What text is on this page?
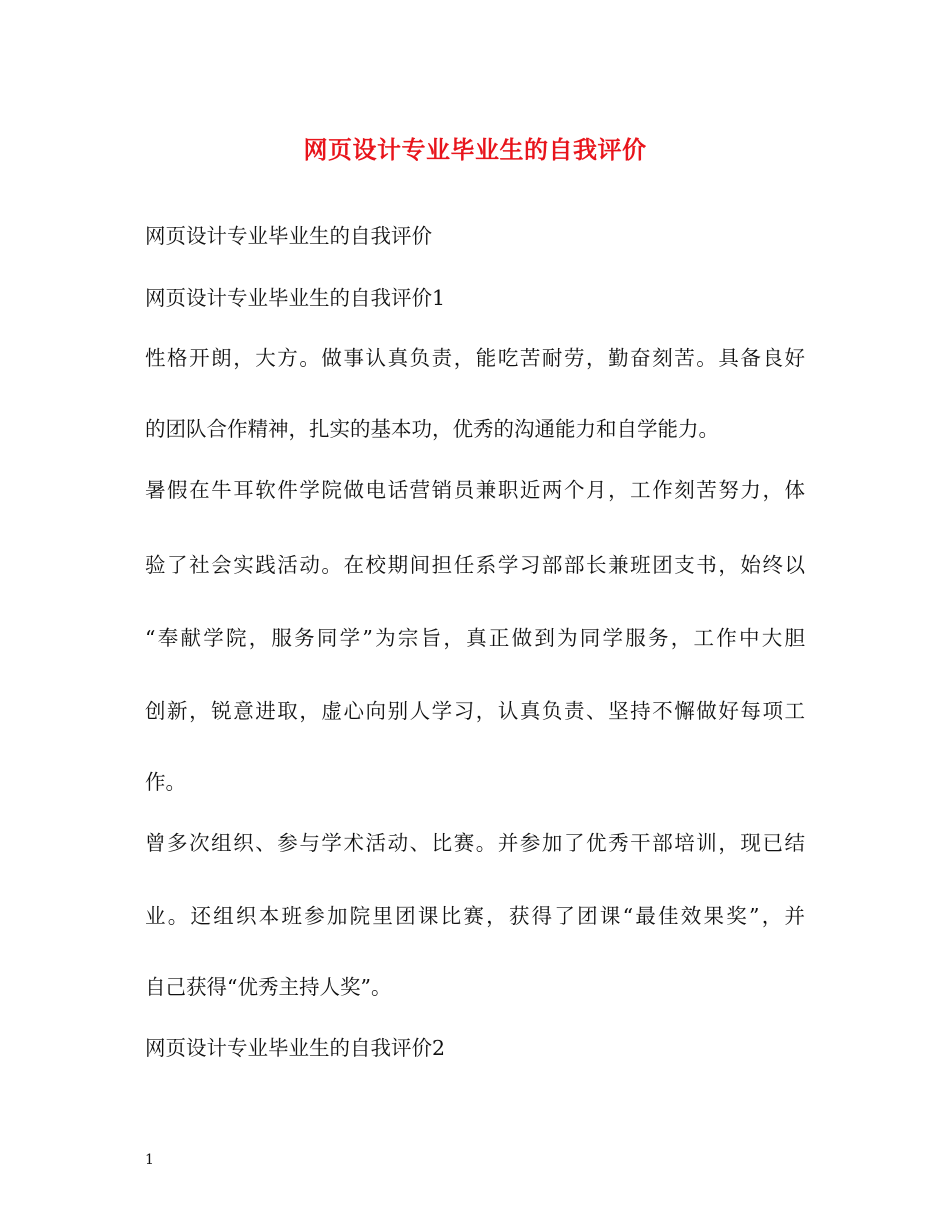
网页设计专业毕业生的自我评价
网页设计专业毕业生的自我评价
网页设计专业毕业生的自我评价1
性格开朗，大方。做事认真负责，能吃苦耐劳，勤奋刻苦。具备良好
的团队合作精神，扎实的基本功，优秀的沟通能力和自学能力。
暑假在牛耳软件学院做电话营销员兼职近两个月，工作刻苦努力，体
验了社会实践活动。在校期间担任系学习部部长兼班团支书，始终以
“奉献学院，服务同学”为宗旨，真正做到为同学服务，工作中大胆
创新，锐意进取，虚心向别人学习，认真负责、坚持不懈做好每项工
作。
曾多次组织、参与学术活动、比赛。并参加了优秀干部培训，现已结
业。还组织本班参加院里团课比赛，获得了团课“最佳效果奖”，并
自己获得“优秀主持人奖”。
网页设计专业毕业生的自我评价2
1
